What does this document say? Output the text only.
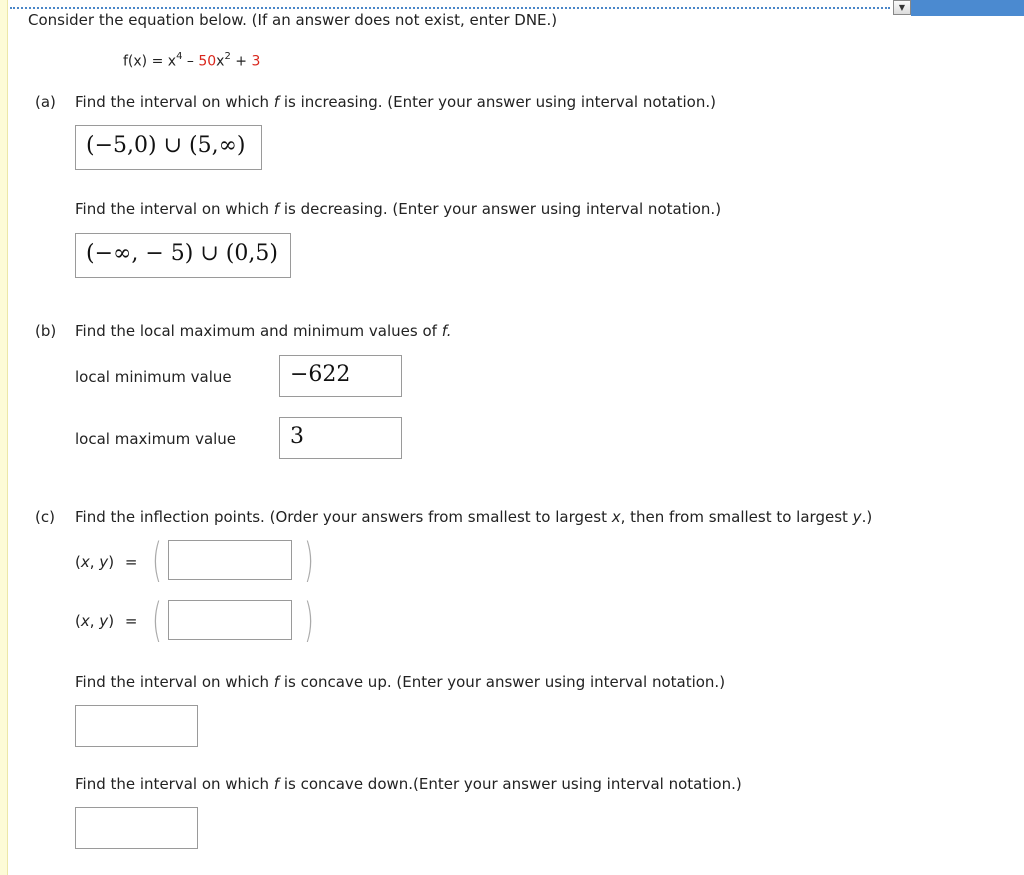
▼
Consider the equation below. (If an answer does not exist, enter DNE.)
$f(x) = x^4 - 50x^2 + 3$
(a) Find the interval on which f is increasing. (Enter your answer using interval notation.)
(−5,0) ∪ (5,∞)
Find the interval on which f is decreasing. (Enter your answer using interval notation.)
(−∞, − 5) ∪ (0,5)
(b) Find the local maximum and minimum values of f.
local minimum value	−622
local maximum value	3
(c) Find the inflection points. (Order your answers from smallest to largest x, then from smallest to largest y.)
(x, y) = (	)
(x, y) = (	)
Find the interval on which f is concave up. (Enter your answer using interval notation.)
Find the interval on which f is concave down.(Enter your answer using interval notation.)
